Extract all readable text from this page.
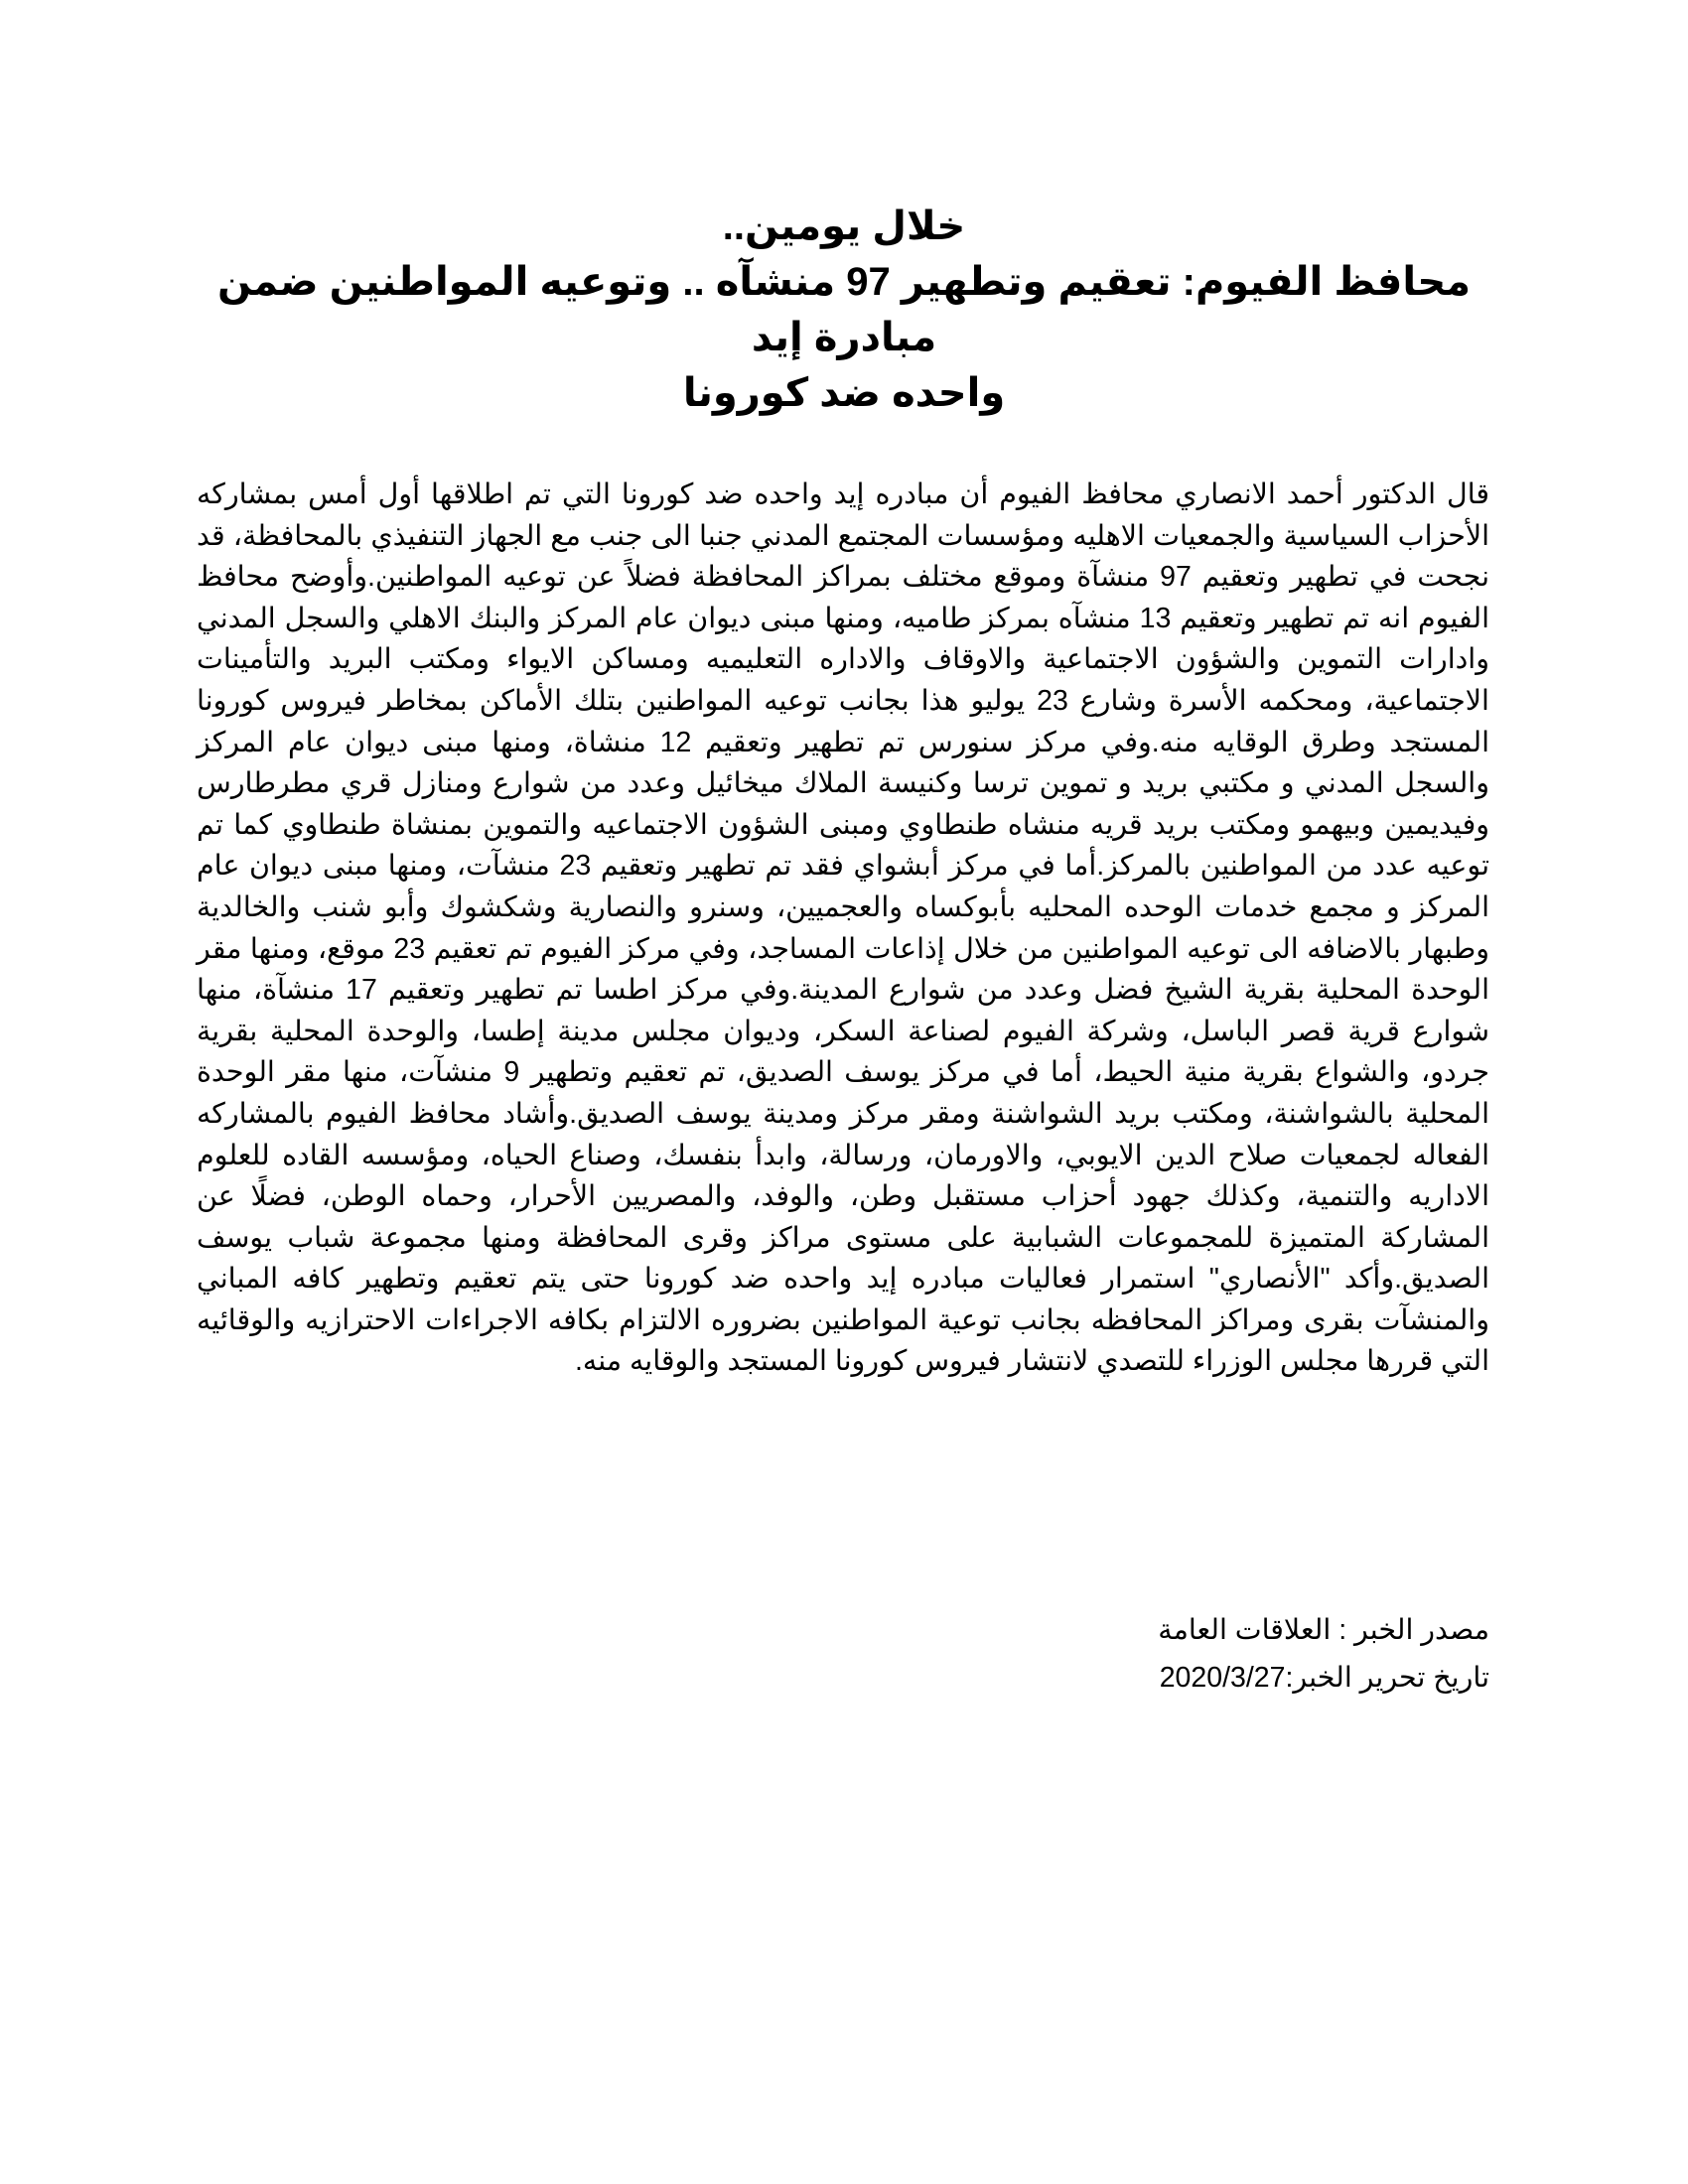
خلال يومين..

محافظ الفيوم: تعقيم وتطهير 97 منشآه .. وتوعيه المواطنين ضمن مبادرة إيد

واحده ضد كورونا

قال الدكتور أحمد الانصاري محافظ الفيوم أن مبادره إيد واحده ضد كورونا التي تم اطلاقها أول أمس بمشاركه الأحزاب السياسية والجمعيات الاهليه ومؤسسات المجتمع المدني جنبا الى جنب مع الجهاز التنفيذي بالمحافظة، قد نجحت في تطهير وتعقيم 97 منشآة وموقع مختلف بمراكز المحافظة فضلاً عن توعيه المواطنين.وأوضح محافظ الفيوم انه تم تطهير وتعقيم 13 منشآه بمركز طاميه، ومنها مبنى ديوان عام المركز والبنك الاهلي والسجل المدني وادارات التموين والشؤون الاجتماعية والاوقاف والاداره التعليميه ومساكن الايواء ومكتب البريد والتأمينات الاجتماعية، ومحكمه الأسرة وشارع 23 يوليو هذا بجانب توعيه المواطنين بتلك الأماكن بمخاطر فيروس كورونا المستجد وطرق الوقايه منه.وفي مركز سنورس تم تطهير وتعقيم 12 منشاة، ومنها مبنى ديوان عام المركز والسجل المدني و مكتبي بريد و تموين ترسا وكنيسة الملاك ميخائيل وعدد من شوارع ومنازل قري مطرطارس وفيديمين وبيهمو ومكتب بريد قريه منشاه طنطاوي ومبنى الشؤون الاجتماعيه والتموين بمنشاة طنطاوي كما تم توعيه عدد من المواطنين بالمركز.أما في مركز أبشواي فقد تم تطهير وتعقيم 23 منشآت، ومنها مبنى ديوان عام المركز و مجمع خدمات الوحده المحليه بأبوكساه والعجميين، وسنرو والنصارية وشكشوك وأبو شنب والخالدية وطبهار بالاضافه الى توعيه المواطنين من خلال إذاعات المساجد، وفي مركز الفيوم تم تعقيم 23 موقع، ومنها مقر الوحدة المحلية بقرية الشيخ فضل وعدد من شوارع المدينة.وفي مركز اطسا تم تطهير وتعقيم 17 منشآة، منها شوارع قرية قصر الباسل، وشركة الفيوم لصناعة السكر، وديوان مجلس مدينة إطسا، والوحدة المحلية بقرية جردو، والشواع بقرية منية الحيط، أما في مركز يوسف الصديق، تم تعقيم وتطهير 9 منشآت، منها مقر الوحدة المحلية بالشواشنة، ومكتب بريد الشواشنة ومقر مركز ومدينة يوسف الصديق.وأشاد محافظ الفيوم بالمشاركه الفعاله لجمعيات صلاح الدين الايوبي، والاورمان، ورسالة، وابدأ بنفسك، وصناع الحياه، ومؤسسه القاده للعلوم الاداريه والتنمية، وكذلك جهود أحزاب مستقبل وطن، والوفد، والمصريين الأحرار، وحماه الوطن، فضلًا عن المشاركة المتميزة للمجموعات الشبابية على مستوى مراكز وقرى المحافظة ومنها مجموعة شباب يوسف الصديق.وأكد "الأنصاري" استمرار فعاليات مبادره إيد واحده ضد كورونا حتى يتم تعقيم وتطهير كافه المباني والمنشآت بقرى ومراكز المحافظه بجانب توعية المواطنين بضروره الالتزام بكافه الاجراءات الاحترازيه والوقائيه التي قررها مجلس الوزراء للتصدي لانتشار فيروس كورونا المستجد والوقايه منه.

مصدر الخبر : العلاقات العامة

تاريخ تحرير الخبر:2020/3/27
